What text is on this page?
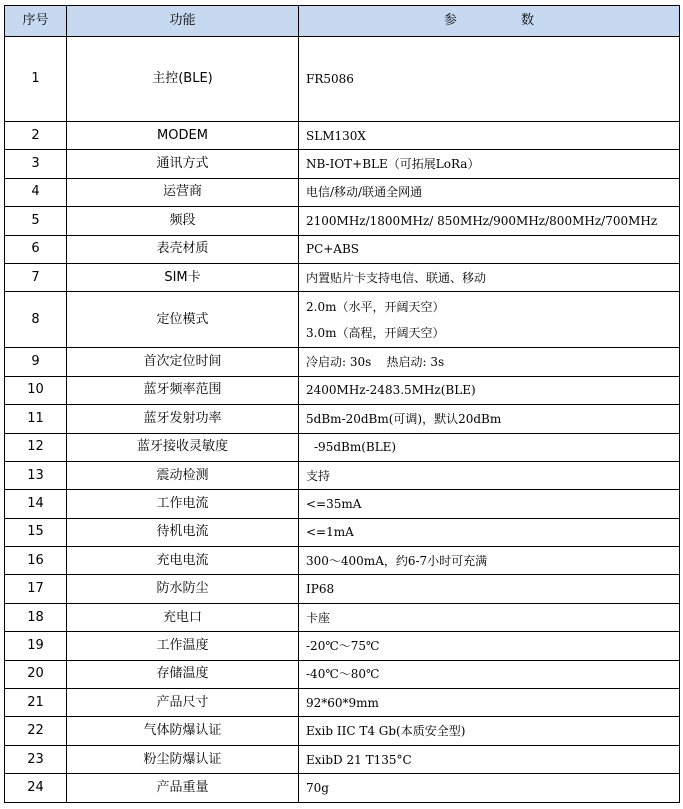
序号	功能	参 数
1	主控(BLE)	FR5086
2	MODEM	SLM130X
3	通讯方式	NB-IOT+BLE（可拓展LoRa）
4	运营商	电信/移动/联通全网通
5	频段	2100MHz/1800MHz/ 850MHz/900MHz/800MHz/700MHz
6	表壳材质	PC+ABS
7	SIM卡	内置贴片卡支持电信、联通、移动
8	定位模式	2.0m（水平，开阔天空）
3.0m（高程，开阔天空）

9	首次定位时间	冷启动: 30s    热启动: 3s
10	蓝牙频率范围	2400MHz-2483.5MHz(BLE)
11	蓝牙发射功率	5dBm-20dBm(可调)，默认20dBm
12	蓝牙接收灵敏度	-95dBm(BLE)
13	震动检测	支持
14	工作电流	<=35mA
15	待机电流	<=1mA
16	充电电流	300～400mA，约6-7小时可充满
17	防水防尘	IP68
18	充电口	卡座
19	工作温度	-20℃～75℃
20	存储温度	-40℃～80℃
21	产品尺寸	92*60*9mm
22	气体防爆认证	Exib IIC T4 Gb(本质安全型)
23	粉尘防爆认证	ExibD 21 T135°C
24	产品重量	70g
